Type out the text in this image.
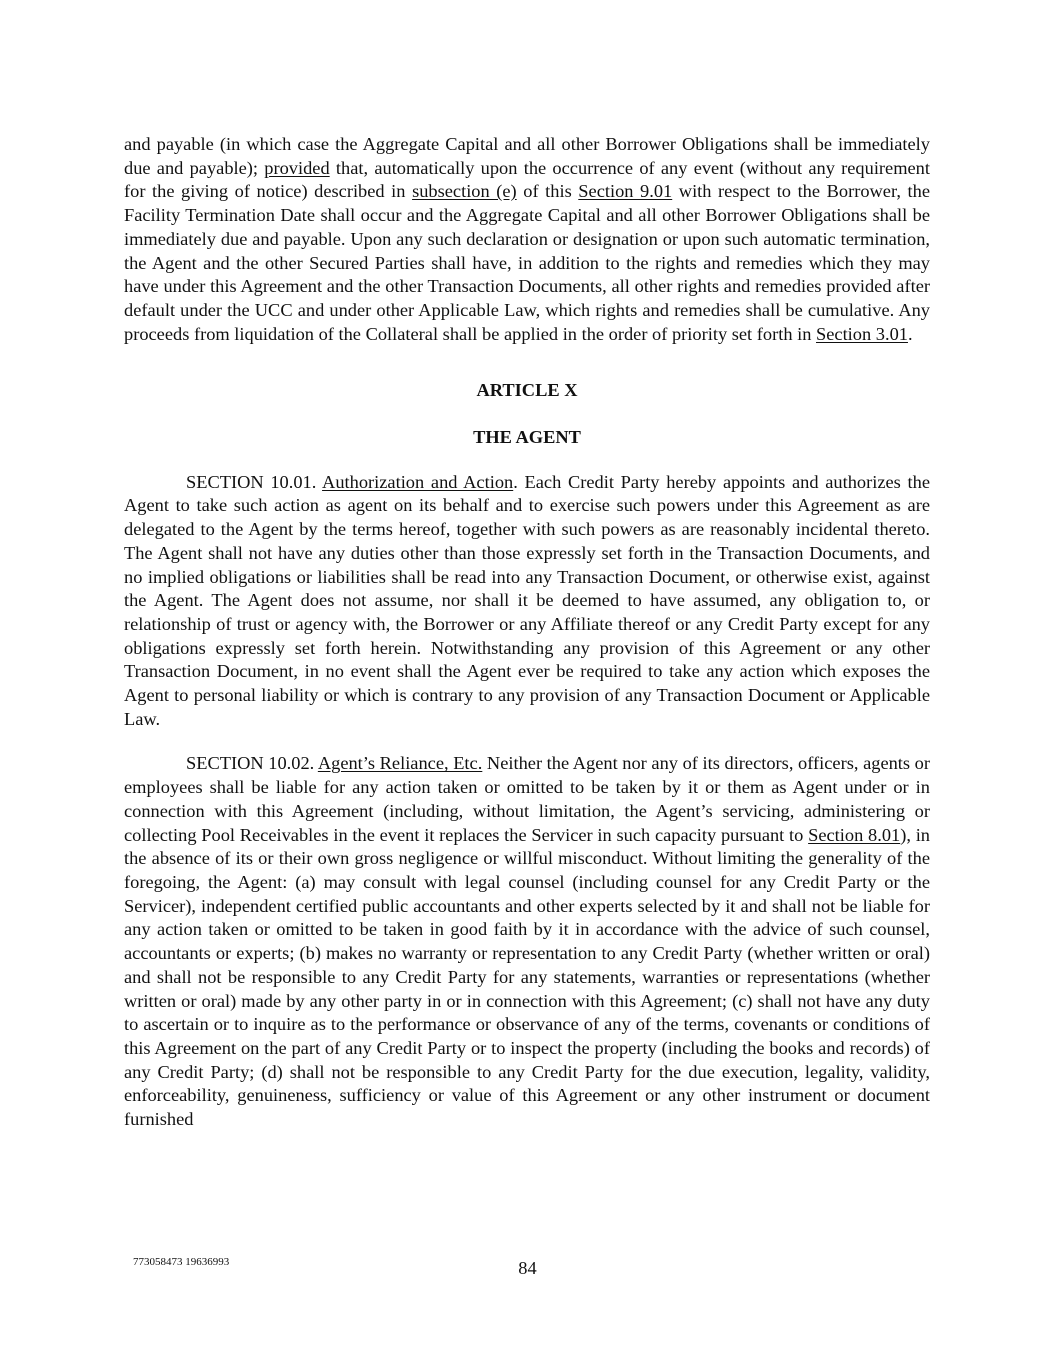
and payable (in which case the Aggregate Capital and all other Borrower Obligations shall be immediately due and payable); provided that, automatically upon the occurrence of any event (without any requirement for the giving of notice) described in subsection (e) of this Section 9.01 with respect to the Borrower, the Facility Termination Date shall occur and the Aggregate Capital and all other Borrower Obligations shall be immediately due and payable. Upon any such declaration or designation or upon such automatic termination, the Agent and the other Secured Parties shall have, in addition to the rights and remedies which they may have under this Agreement and the other Transaction Documents, all other rights and remedies provided after default under the UCC and under other Applicable Law, which rights and remedies shall be cumulative. Any proceeds from liquidation of the Collateral shall be applied in the order of priority set forth in Section 3.01.

ARTICLE X

THE AGENT

SECTION 10.01. Authorization and Action. Each Credit Party hereby appoints and authorizes the Agent to take such action as agent on its behalf and to exercise such powers under this Agreement as are delegated to the Agent by the terms hereof, together with such powers as are reasonably incidental thereto. The Agent shall not have any duties other than those expressly set forth in the Transaction Documents, and no implied obligations or liabilities shall be read into any Transaction Document, or otherwise exist, against the Agent. The Agent does not assume, nor shall it be deemed to have assumed, any obligation to, or relationship of trust or agency with, the Borrower or any Affiliate thereof or any Credit Party except for any obligations expressly set forth herein. Notwithstanding any provision of this Agreement or any other Transaction Document, in no event shall the Agent ever be required to take any action which exposes the Agent to personal liability or which is contrary to any provision of any Transaction Document or Applicable Law.

SECTION 10.02. Agent’s Reliance, Etc. Neither the Agent nor any of its directors, officers, agents or employees shall be liable for any action taken or omitted to be taken by it or them as Agent under or in connection with this Agreement (including, without limitation, the Agent’s servicing, administering or collecting Pool Receivables in the event it replaces the Servicer in such capacity pursuant to Section 8.01), in the absence of its or their own gross negligence or willful misconduct. Without limiting the generality of the foregoing, the Agent: (a) may consult with legal counsel (including counsel for any Credit Party or the Servicer), independent certified public accountants and other experts selected by it and shall not be liable for any action taken or omitted to be taken in good faith by it in accordance with the advice of such counsel, accountants or experts; (b) makes no warranty or representation to any Credit Party (whether written or oral) and shall not be responsible to any Credit Party for any statements, warranties or representations (whether written or oral) made by any other party in or in connection with this Agreement; (c) shall not have any duty to ascertain or to inquire as to the performance or observance of any of the terms, covenants or conditions of this Agreement on the part of any Credit Party or to inspect the property (including the books and records) of any Credit Party; (d) shall not be responsible to any Credit Party for the due execution, legality, validity, enforceability, genuineness, sufficiency or value of this Agreement or any other instrument or document furnished

773058473 19636993	84
